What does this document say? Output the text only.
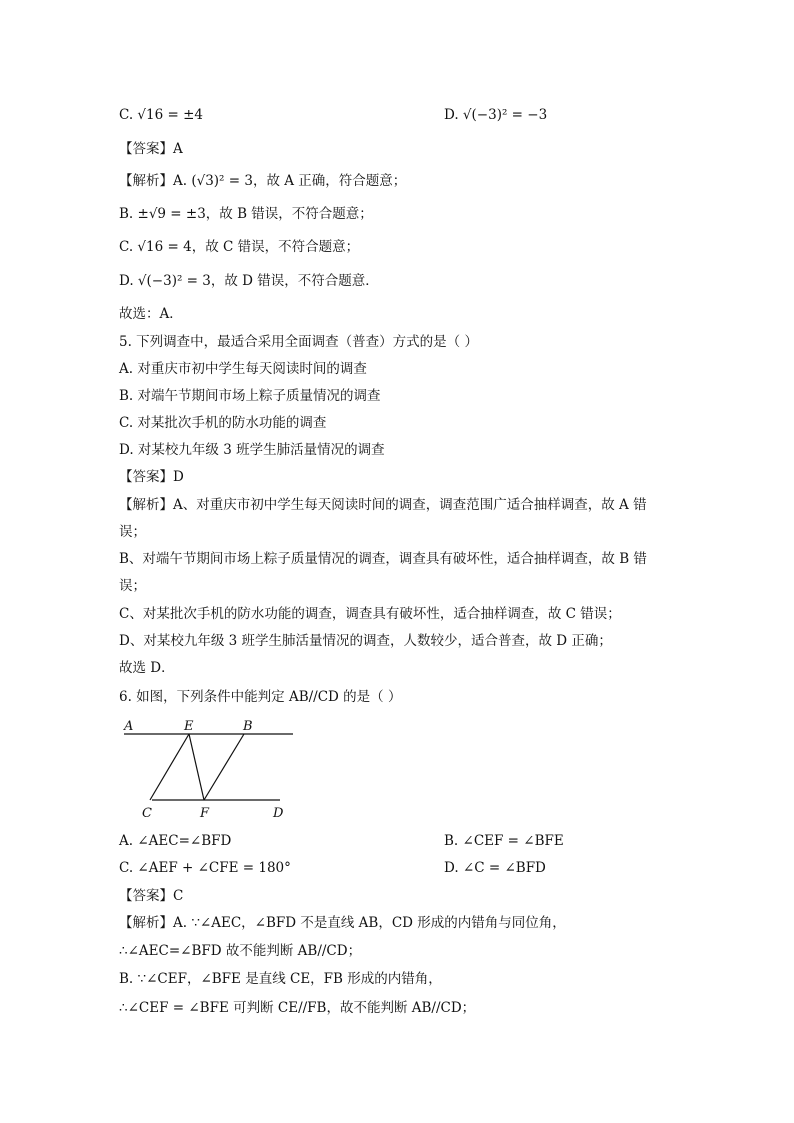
C. √16 = ±4	D. √(−3)² = −3
【答案】A
【解析】A. (√3)² = 3，故 A 正确，符合题意；
B. ±√9 = ±3，故 B 错误，不符合题意；
C. √16 = 4，故 C 错误，不符合题意；
D. √(−3)² = 3，故 D 错误，不符合题意．
故选：A．
5. 下列调查中，最适合采用全面调查（普查）方式的是（ ）
A. 对重庆市初中学生每天阅读时间的调查
B. 对端午节期间市场上粽子质量情况的调查
C. 对某批次手机的防水功能的调查
D. 对某校九年级 3 班学生肺活量情况的调查
【答案】D
【解析】A、对重庆市初中学生每天阅读时间的调查，调查范围广适合抽样调查，故 A 错
误；
B、对端午节期间市场上粽子质量情况的调查，调查具有破坏性，适合抽样调查，故 B 错
误；
C、对某批次手机的防水功能的调查，调查具有破坏性，适合抽样调查，故 C 错误；
D、对某校九年级 3 班学生肺活量情况的调查，人数较少，适合普查，故 D 正确；
故选 D．
6. 如图，下列条件中能判定 AB//CD 的是（ ）
A	E	B
C	F	D
A. ∠AEC=∠BFD	B. ∠CEF = ∠BFE
C. ∠AEF + ∠CFE = 180°	D. ∠C = ∠BFD
【答案】C
【解析】A. ∵∠AEC，∠BFD 不是直线 AB，CD 形成的内错角与同位角，
∴∠AEC=∠BFD 故不能判断 AB//CD；
B. ∵∠CEF，∠BFE 是直线 CE，FB 形成的内错角，
∴∠CEF = ∠BFE 可判断 CE//FB，故不能判断 AB//CD；
